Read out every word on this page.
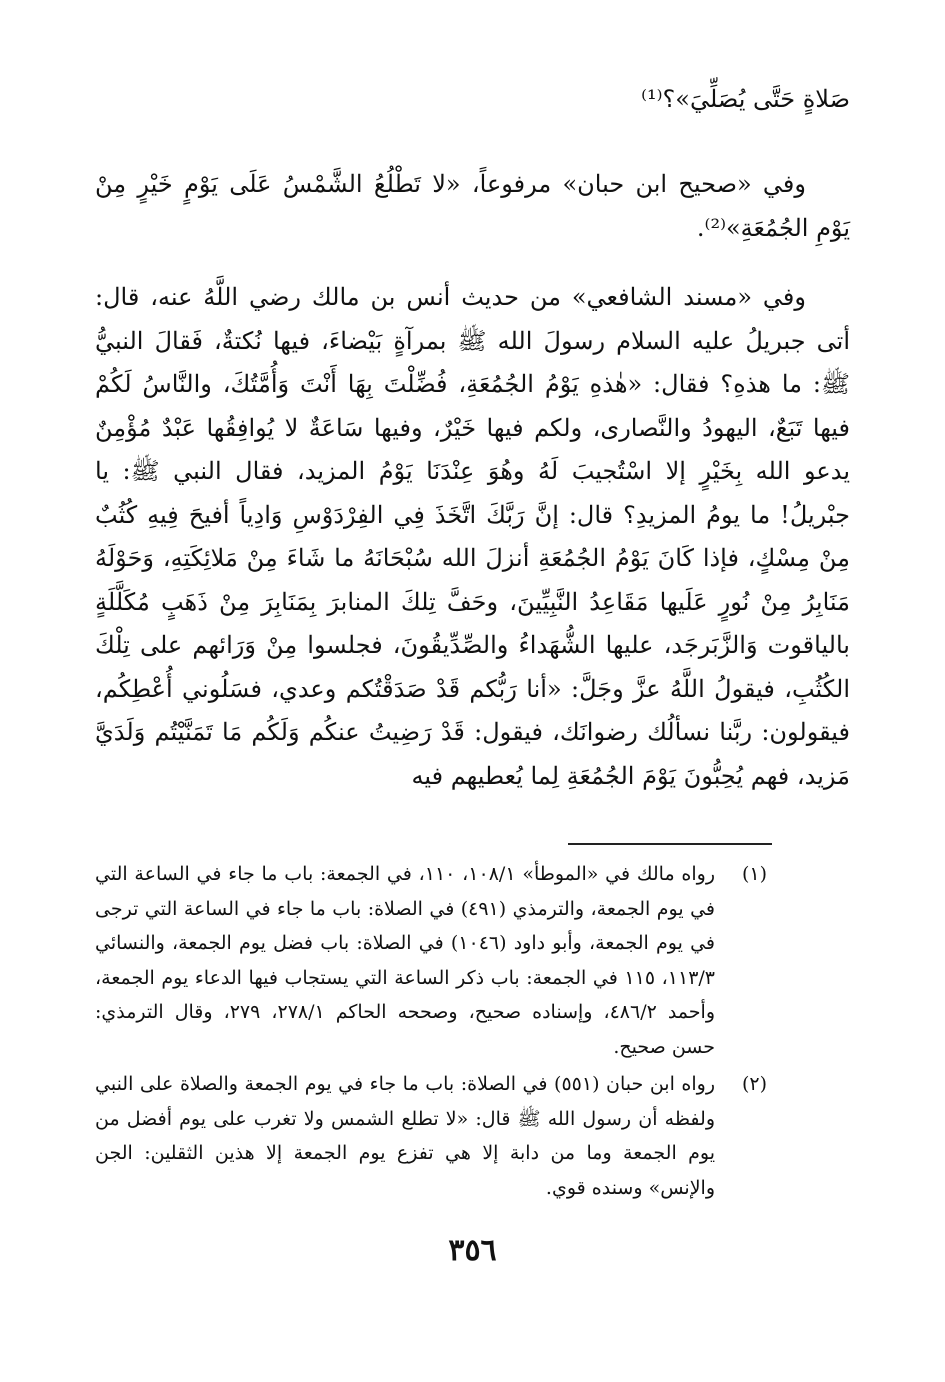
صَلاةٍ حَتَّى يُصَلِّيَ»؟⁽¹⁾

وفي «صحيح ابن حبان» مرفوعاً، «لا تَطْلُعُ الشَّمْسُ عَلَى يَوْمٍ خَيْرٍ مِنْ يَوْمِ الجُمُعَةِ»⁽²⁾.

وفي «مسند الشافعي» من حديث أنس بن مالك رضي اللَّهُ عنه، قال: أتى جبريلُ عليه السلام رسولَ الله ﷺ بمرآةٍ بَيْضاءَ، فيها نُكتةٌ، فَقالَ النبيُّ ﷺ: ما هذهِ؟ فقال: «هٰذهِ يَوْمُ الجُمُعَةِ، فُضِّلْتَ بِهَا أَنْتَ وَأُمَّتُكَ، والنَّاسُ لَكُمْ فيها تَبَعٌ، اليهودُ والنَّصارى، ولكم فيها خَيْرٌ، وفيها سَاعَةٌ لا يُوافِقُها عَبْدٌ مُؤْمِنٌ يدعو الله بِخَيْرٍ إلا اسْتُجيبَ لَهُ وهُوَ عِنْدَنَا يَوْمُ المزيد، فقال النبي ﷺ: يا جبْريلُ! ما يومُ المزيدِ؟ قال: إنَّ رَبَّكَ اتَّخَذَ فِي الفِرْدَوْسِ وَادِياً أفيحَ فِيهِ كُثُبٌ مِنْ مِسْكٍ، فإذا كَانَ يَوْمُ الجُمُعَةِ أنزلَ الله سُبْحَانَهُ ما شَاءَ مِنْ مَلائِكَتِهِ، وَحَوْلَهُ مَنَابِرُ مِنْ نُورٍ عَلَيها مَقَاعِدُ النَّبِيِّينَ، وحَفَّ تِلكَ المنابرَ بِمَنَابِرَ مِنْ ذَهَبٍ مُكَلَّلَةٍ بالياقوت وَالزَّبَرجَد، عليها الشُّهَداءُ والصِّدِّيقُونَ، فجلسوا مِنْ وَرَائهم على تِلْكَ الكُثُبِ، فيقولُ اللَّهُ عزَّ وجَلَّ: «أنا رَبُّكم قَدْ صَدَقْتُكم وعدي، فسَلُوني أُعْطِكُم، فيقولون: ربَّنا نسألُك رضوانَك، فيقول: قَدْ رَضِيتُ عنكُم وَلَكُم مَا تَمَنَّيْتُم وَلَدَيَّ مَزيد، فهم يُحِبُّونَ يَوْمَ الجُمُعَةِ لِما يُعطيهم فيه

(١)
رواه مالك في «الموطأ» ١٠٨/١، ١١٠، في الجمعة: باب ما جاء في الساعة التي في يوم الجمعة، والترمذي (٤٩١) في الصلاة: باب ما جاء في الساعة التي ترجى في يوم الجمعة، وأبو داود (١٠٤٦) في الصلاة: باب فضل يوم الجمعة، والنسائي ١١٣/٣، ١١٥ في الجمعة: باب ذكر الساعة التي يستجاب فيها الدعاء يوم الجمعة، وأحمد ٤٨٦/٢، وإسناده صحيح، وصححه الحاكم ٢٧٨/١، ٢٧٩، وقال الترمذي: حسن صحيح.
(٢)
رواه ابن حبان (٥٥١) في الصلاة: باب ما جاء في يوم الجمعة والصلاة على النبي ولفظه أن رسول الله ﷺ قال: «لا تطلع الشمس ولا تغرب على يوم أفضل من يوم الجمعة وما من دابة إلا هي تفزع يوم الجمعة إلا هذين الثقلين: الجن والإنس» وسنده قوي.
٣٥٦
